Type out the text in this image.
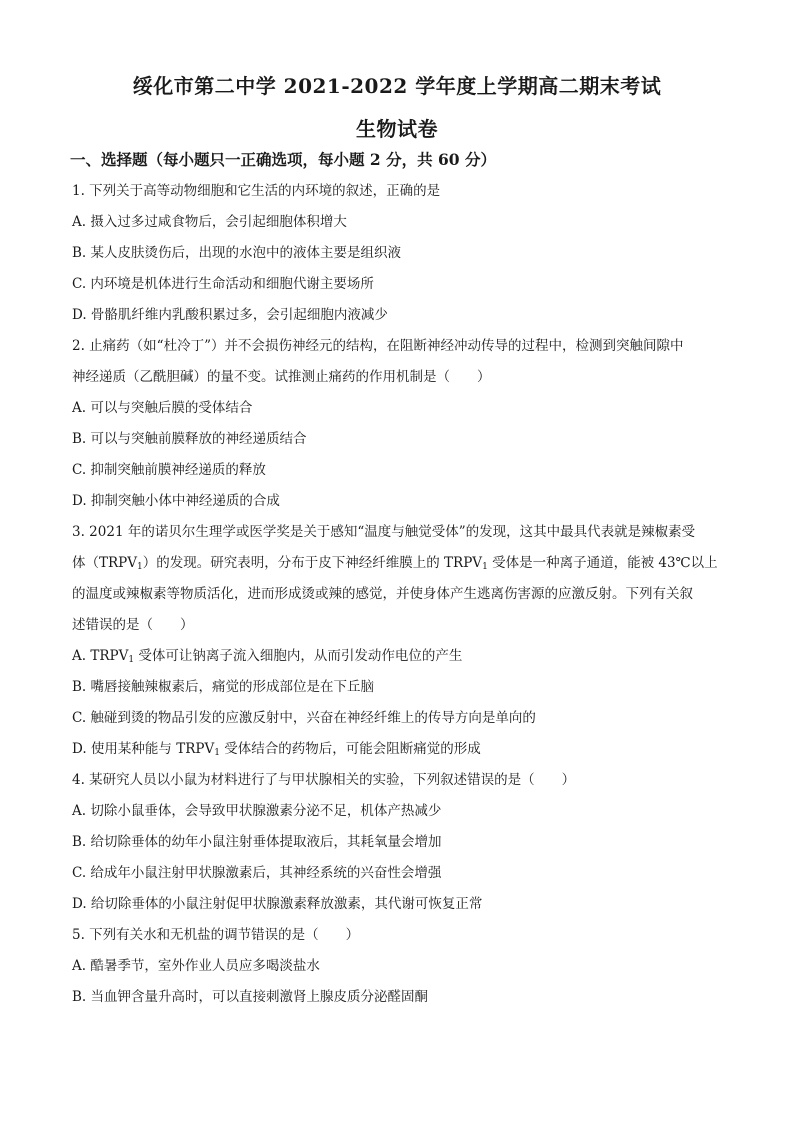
绥化市第二中学 2021-2022 学年度上学期高二期末考试
生物试卷
一、选择题（每小题只一正确选项，每小题 2 分，共 60 分）
1. 下列关于高等动物细胞和它生活的内环境的叙述，正确的是
A. 摄入过多过咸食物后，会引起细胞体积增大
B. 某人皮肤烫伤后，出现的水泡中的液体主要是组织液
C. 内环境是机体进行生命活动和细胞代谢主要场所
D. 骨骼肌纤维内乳酸积累过多，会引起细胞内液减少
2. 止痛药（如“杜冷丁”）并不会损伤神经元的结构，在阻断神经冲动传导的过程中，检测到突触间隙中
神经递质（乙酰胆碱）的量不变。试推测止痛药的作用机制是（　　）
A. 可以与突触后膜的受体结合
B. 可以与突触前膜释放的神经递质结合
C. 抑制突触前膜神经递质的释放
D. 抑制突触小体中神经递质的合成
3. 2021 年的诺贝尔生理学或医学奖是关于感知“温度与触觉受体”的发现，这其中最具代表就是辣椒素受
体$(TRPV_1)$的发现。研究表明，分布于皮下神经纤维膜上的 $TRPV_1$ 受体是一种离子通道，能被 43℃以上
的温度或辣椒素等物质活化，进而形成烫或辣的感觉，并使身体产生逃离伤害源的应激反射。下列有关叙
述错误的是（　　）
A. $TRPV_1$ 受体可让钠离子流入细胞内，从而引发动作电位的产生
B. 嘴唇接触辣椒素后，痛觉的形成部位是在下丘脑
C. 触碰到烫的物品引发的应激反射中，兴奋在神经纤维上的传导方向是单向的
D. 使用某种能与 $TRPV_1$ 受体结合的药物后，可能会阻断痛觉的形成
4. 某研究人员以小鼠为材料进行了与甲状腺相关的实验，下列叙述错误的是（　　）
A. 切除小鼠垂体，会导致甲状腺激素分泌不足，机体产热减少
B. 给切除垂体的幼年小鼠注射垂体提取液后，其耗氧量会增加
C. 给成年小鼠注射甲状腺激素后，其神经系统的兴奋性会增强
D. 给切除垂体的小鼠注射促甲状腺激素释放激素，其代谢可恢复正常
5. 下列有关水和无机盐的调节错误的是（　　）
A. 酷暑季节，室外作业人员应多喝淡盐水
B. 当血钾含量升高时，可以直接刺激肾上腺皮质分泌醛固酮
